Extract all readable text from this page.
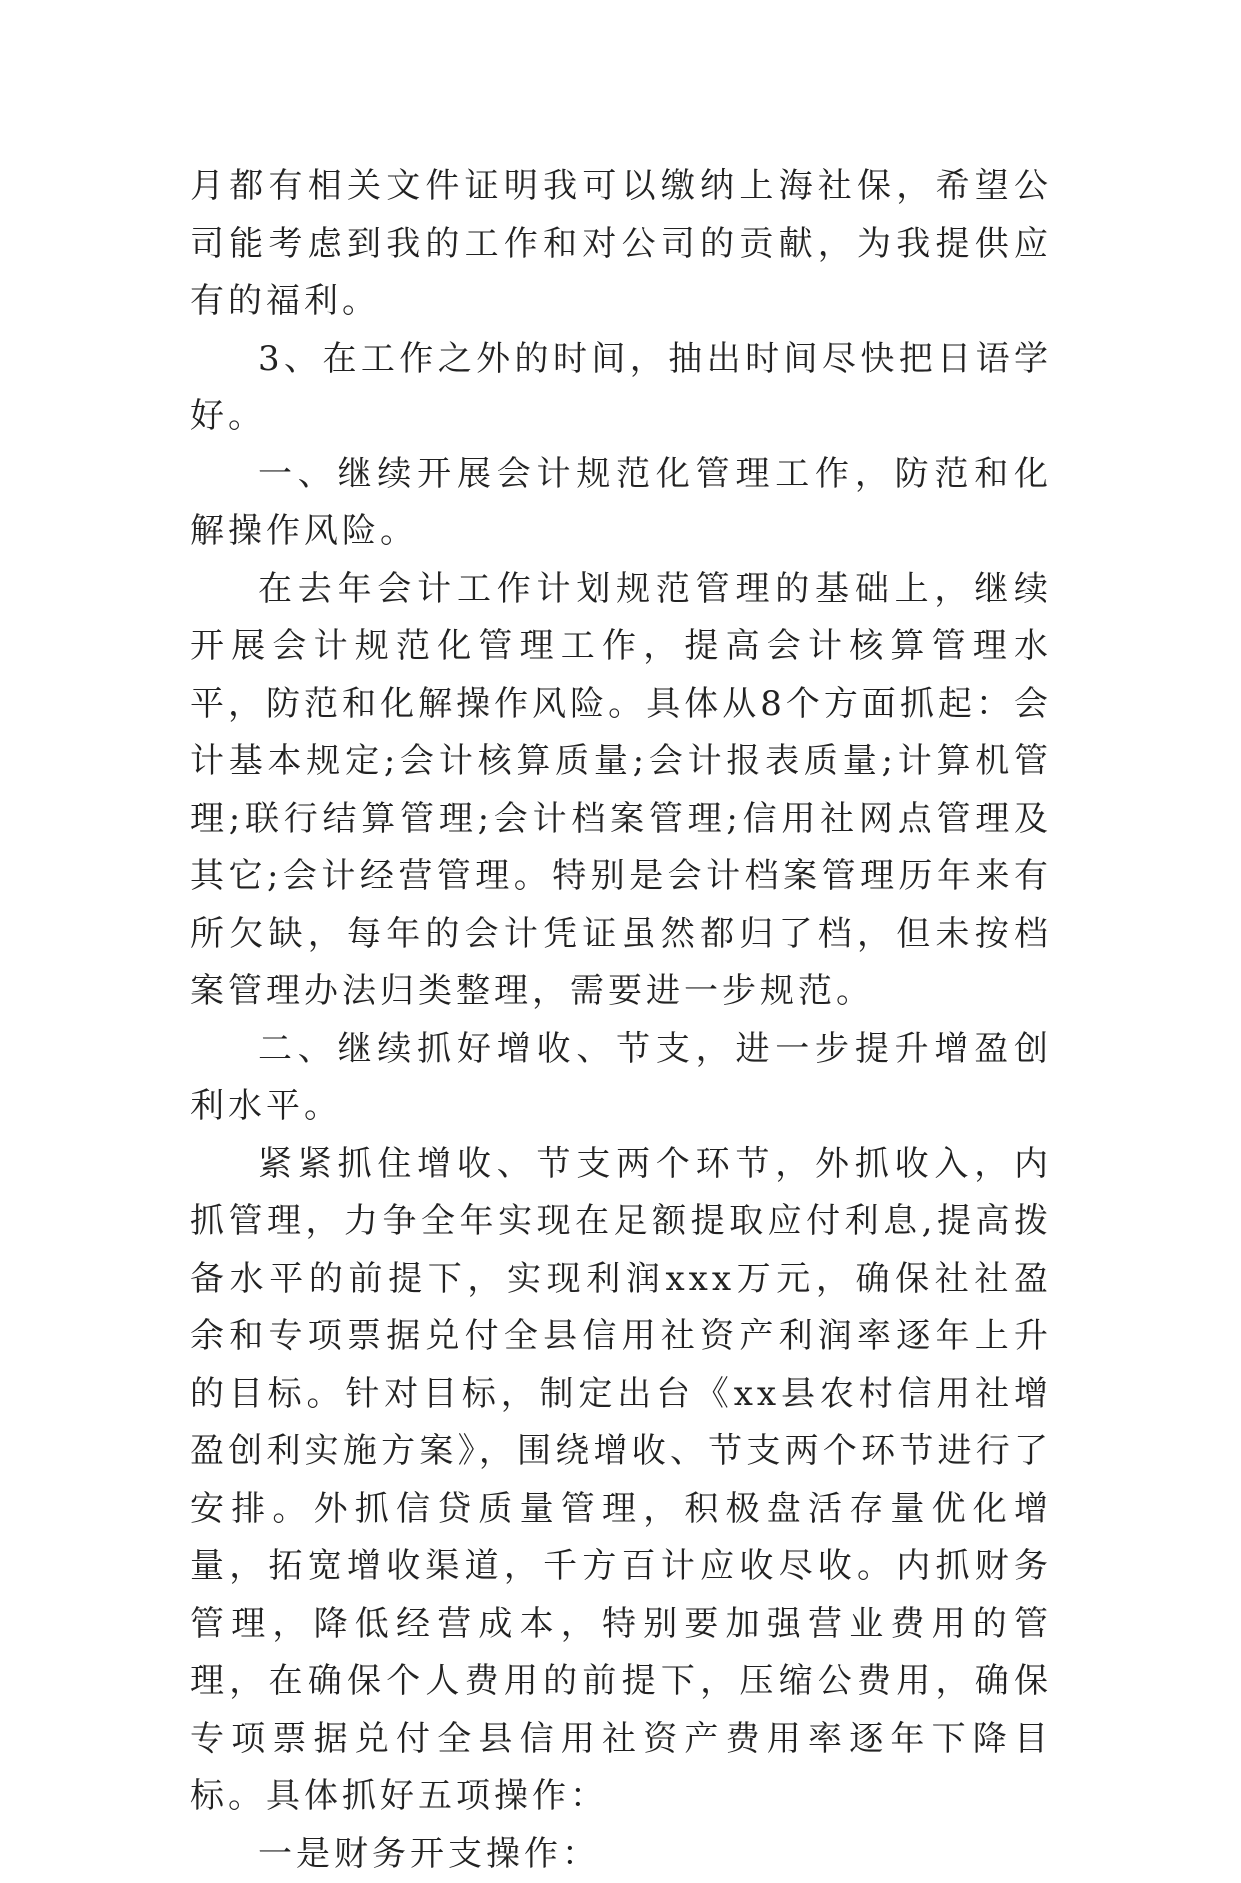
月都有相关文件证明我可以缴纳上海社保，希望公司能考虑到我的工作和对公司的贡献，为我提供应有的福利。

3、在工作之外的时间，抽出时间尽快把日语学好。

一、继续开展会计规范化管理工作，防范和化解操作风险。

在去年会计工作计划规范管理的基础上，继续开展会计规范化管理工作，提高会计核算管理水平，防范和化解操作风险。具体从8个方面抓起：会计基本规定;会计核算质量;会计报表质量;计算机管理;联行结算管理;会计档案管理;信用社网点管理及其它;会计经营管理。特别是会计档案管理历年来有所欠缺，每年的会计凭证虽然都归了档，但未按档案管理办法归类整理，需要进一步规范。

二、继续抓好增收、节支，进一步提升增盈创利水平。

紧紧抓住增收、节支两个环节，外抓收入，内抓管理，力争全年实现在足额提取应付利息,提高拨备水平的前提下，实现利润xxx万元，确保社社盈余和专项票据兑付全县信用社资产利润率逐年上升的目标。针对目标，制定出台《xx县农村信用社增盈创利实施方案》，围绕增收、节支两个环节进行了安排。外抓信贷质量管理，积极盘活存量优化增量，拓宽增收渠道，千方百计应收尽收。内抓财务管理，降低经营成本，特别要加强营业费用的管理，在确保个人费用的前提下，压缩公费用，确保专项票据兑付全县信用社资产费用率逐年下降目标。具体抓好五项操作：

一是财务开支操作：
